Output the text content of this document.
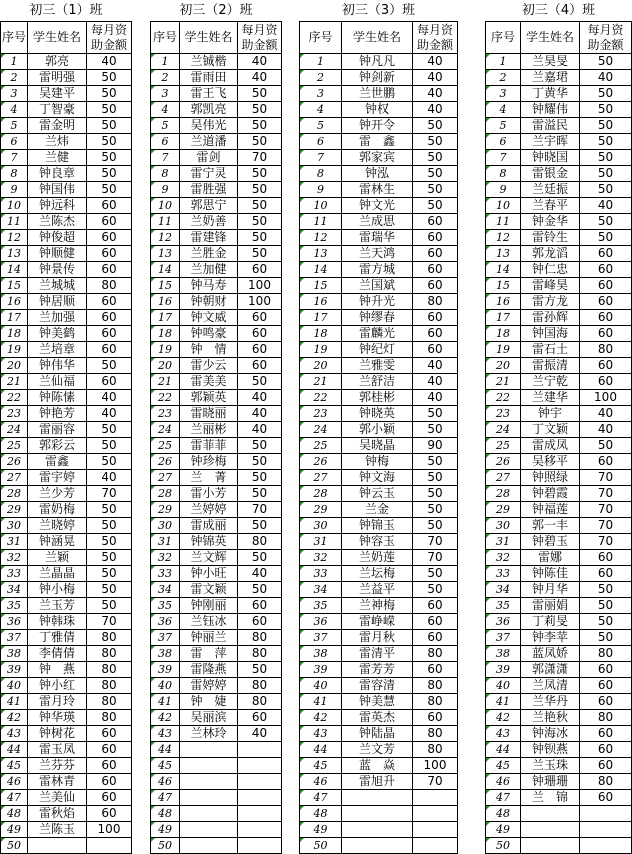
初三（1）班
序号 学生姓名
每月资
助金额
1	郭亮	40
2	雷明强	50
3	吴建平	50
4	丁智豪	50
5	雷金明	50
6	兰炜	50
7	兰健	50
8	钟良章	50
9	钟国伟	50
10	钟远科	60
11	兰陈杰	60
12	钟俊超	60
13	钟顺健	60
14	钟景传	60
15	兰城城	80
16	钟居顺	60
17	兰加强	60
18	钟美鹤	60
19	兰培章	60
20	钟伟华	50
21	兰仙福	60
22	钟陈愫	40
23	钟艳芳	40
24	雷丽容	50
25	郭彩云	50
26	雷鑫	50
27	雷宇婷	40
28	兰少芳	70
29	雷奶梅	50
30	兰晓婷	50
31	钟涵晃	50
32	兰颖	50
33	兰晶晶	50
34	钟小梅	50
35	兰玉芳	50
36	钟韩珠	70
37	丁雅倩	80
38	李倩倩	80
39	钟　燕	80
40	钟小红	80
41	雷月玲	80
42	钟华瑛	80
43	钟树花	60
44	雷玉凤	60
45	兰芬芬	60
46	雷林青	60
47	兰美仙	60
48	雷秋焰	60
49	兰陈玉	100
50
初三（2）班
序号 学生姓名
每月资
助金额
1	兰铖楷	40
2	雷雨田	40
3	雷王飞	50
4	郭凯亮	50
5	吴伟光	50
6	兰道潘	50
7	雷剑	70
8	雷宁灵	50
9	雷胜强	50
10	郭思宁	50
11	兰奶善	50
12	雷建锋	50
13	兰胜金	50
14	兰加健	60
15	钟马寿	100
16	钟朝财	100
17	钟文威	60
18	钟鸣豪	60
19	钟　情	60
20	雷少云	60
21	雷美美	50
22	郭颖英	40
23	雷晓丽	40
24	兰丽彬	40
25	雷菲菲	50
26	钟珍梅	50
27	兰　菁	50
28	雷小芳	50
29	兰婷婷	70
30	雷成丽	50
31	钟锦英	80
32	兰文辉	50
33	钟小旺	40
34	雷文颖	50
35	钟刚丽	60
36	兰钰冰	60
37	钟丽兰	80
38	雷　萍	80
39	雷隆燕	50
40	雷婷婷	80
41	钟　婕	80
42	吴丽滨	60
43	兰林玲	40
44
45
46
47
48
49
50
初三（3）班
序号	学生姓名
每月资
助金额
1	钟凡凡	40
2	钟剑新	40
3	兰世鹏	40
4	钟权	40
5	钟开令	50
6	雷　鑫	50
7	郭家宾	50
8	钟泓	50
9	雷林生	50
10	钟文光	50
11	兰成思	60
12	雷瑞华	60
13	兰天鸿	60
14	雷方城	60
15	兰国斌	60
16	钟升光	80
17	钟缪春	60
18	雷麟光	60
19	钟纪灯	60
20	兰雅雯	40
21	兰舒洁	40
22	郭桂彬	40
23	钟晓英	50
24	郭小颖	50
25	吴晓晶	90
26	钟梅	50
27	钟文海	50
28	钟云玉	50
29	兰金	50
30	钟锦玉	50
31	钟容玉	70
32	兰奶莲	70
33	兰坛梅	50
34	兰益平	50
35	兰神梅	60
36	雷峥嵘	60
37	雷月秋	60
38	雷清平	80
39	雷芳芳	60
40	雷容清	80
41	钟美慧	80
42	雷英杰	60
43	钟陆晶	80
44	兰文芳	80
45	蓝　焱	100
46	雷旭升	70
47
48
49
50
初三（4）班
序号 学生姓名
每月资
助金额
1	兰昊旻	50
2	兰嘉珺	40
3	丁黄华	50
4	钟耀伟	50
5	雷溢民	50
6	兰宇晖	50
7	钟晓国	50
8	雷银金	50
9	兰廷振	50
10	兰春平	40
11	钟金华	50
12	雷铃生	50
13	郭龙滔	60
14	钟仁忠	60
15	雷峰昊	60
16	雷方龙	60
17	雷孙辉	60
18	钟国海	60
19	雷石土	80
20	雷振清	60
21	兰宁乾	60
22	兰建华	100
23	钟宇	40
24	丁文颖	40
25	雷成凤	50
26	吴移平	60
27	钟照绿	70
28	钟碧霞	70
29	钟福莲	70
30	郭一丰	70
31	钟碧玉	70
32	雷娜	60
33	钟陈佳	60
34	钟月华	50
35	雷丽娟	50
36	丁莉旻	50
37	钟李苹	50
38	蓝凤娇	80
39	郭潇潇	60
40	兰凤清	60
41	兰华丹	60
42	兰艳秋	80
43	钟海冰	60
44	钟钡燕	60
45	兰玉珠	60
46	钟珊珊	80
47	兰　锦	60
48
49
50
